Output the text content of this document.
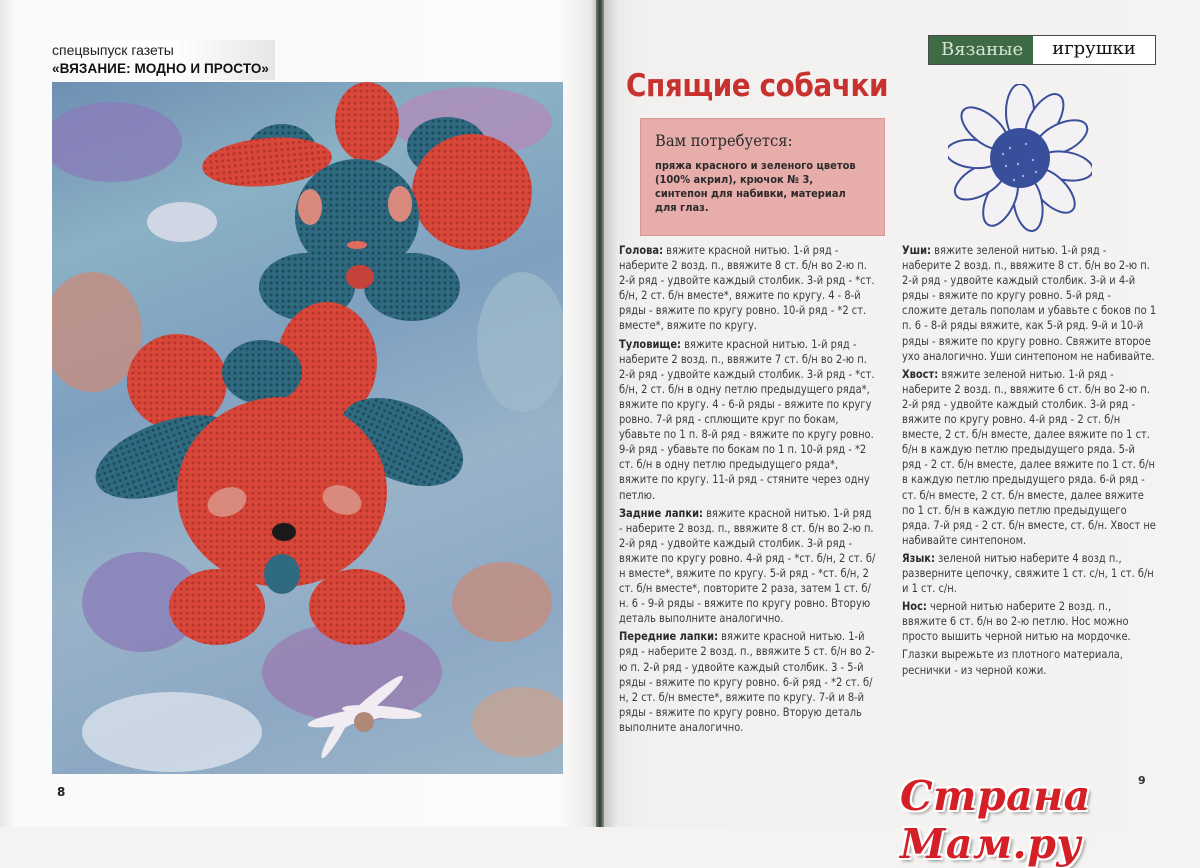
спецвыпуск газеты
«ВЯЗАНИЕ: МОДНО И ПРОСТО»
8
Вязаные	игрушки
Спящие собачки
Вам потребуется:
пряжа красного и зеленого цветов (100% акрил), крючок № 3, синтепон для набивки, материал для глаз.

Голова: вяжите красной нитью. 1-й ряд - наберите 2 возд. п., ввяжите 8 ст. б/н во 2-ю п. 2-й ряд - удвойте каждый столбик. 3-й ряд - *ст. б/н, 2 ст. б/н вместе*, вяжите по кругу. 4 - 8-й ряды - вяжите по кругу ровно. 10-й ряд - *2 ст. вместе*, вяжите по кругу.

Туловище: вяжите красной нитью. 1-й ряд - наберите 2 возд. п., ввяжите 7 ст. б/н во 2-ю п. 2-й ряд - удвойте каждый столбик. 3-й ряд - *ст. б/н, 2 ст. б/н в одну петлю предыдущего ряда*, вяжите по кругу. 4 - 6-й ряды - вяжите по кругу ровно. 7-й ряд - сплющите круг по бокам, убавьте по 1 п. 8-й ряд - вяжите по кругу ровно. 9-й ряд - убавьте по бокам по 1 п. 10-й ряд - *2 ст. б/н в одну петлю предыдущего ряда*, вяжите по кругу. 11-й ряд - стяните через одну петлю.

Задние лапки: вяжите красной нитью. 1-й ряд - наберите 2 возд. п., ввяжите 8 ст. б/н во 2-ю п. 2-й ряд - удвойте каждый столбик. 3-й ряд - вяжите по кругу ровно. 4-й ряд - *ст. б/н, 2 ст. б/н вместе*, вяжите по кругу. 5-й ряд - *ст. б/н, 2 ст. б/н вместе*, повторите 2 раза, затем 1 ст. б/н. 6 - 9-й ряды - вяжите по кругу ровно. Вторую деталь выполните аналогично.

Передние лапки: вяжите красной нитью. 1-й ряд - наберите 2 возд. п., ввяжите 5 ст. б/н во 2-ю п. 2-й ряд - удвойте каждый столбик. 3 - 5-й ряды - вяжите по кругу ровно. 6-й ряд - *2 ст. б/н, 2 ст. б/н вместе*, вяжите по кругу. 7-й и 8-й ряды - вяжите по кругу ровно. Вторую деталь выполните аналогично.

Уши: вяжите зеленой нитью. 1-й ряд - наберите 2 возд. п., ввяжите 8 ст. б/н во 2-ю п. 2-й ряд - удвойте каждый столбик. 3-й и 4-й ряды - вяжите по кругу ровно. 5-й ряд - сложите деталь пополам и убавьте с боков по 1 п. 6 - 8-й ряды вяжите, как 5-й ряд. 9-й и 10-й ряды - вяжите по кругу ровно. Свяжите второе ухо аналогично. Уши синтепоном не набивайте.

Хвост: вяжите зеленой нитью. 1-й ряд - наберите 2 возд. п., ввяжите 6 ст. б/н во 2-ю п. 2-й ряд - удвойте каждый столбик. 3-й ряд - вяжите по кругу ровно. 4-й ряд - 2 ст. б/н вместе, 2 ст. б/н вместе, далее вяжите по 1 ст. б/н в каждую петлю предыдущего ряда. 5-й ряд - 2 ст. б/н вместе, далее вяжите по 1 ст. б/н в каждую петлю предыдущего ряда. 6-й ряд - ст. б/н вместе, 2 ст. б/н вместе, далее вяжите по 1 ст. б/н в каждую петлю предыдущего ряда. 7-й ряд - 2 ст. б/н вместе, ст. б/н. Хвост не набивайте синтепоном.

Язык: зеленой нитью наберите 4 возд п., разверните цепочку, свяжите 1 ст. с/н, 1 ст. б/н и 1 ст. с/н.

Нос: черной нитью наберите 2 возд. п., ввяжите 6 ст. б/н во 2-ю петлю. Нос можно просто вышить черной нитью на мордочке.

Глазки вырежьте из плотного материала, реснички - из черной кожи.

9
Страна Мам.ру
